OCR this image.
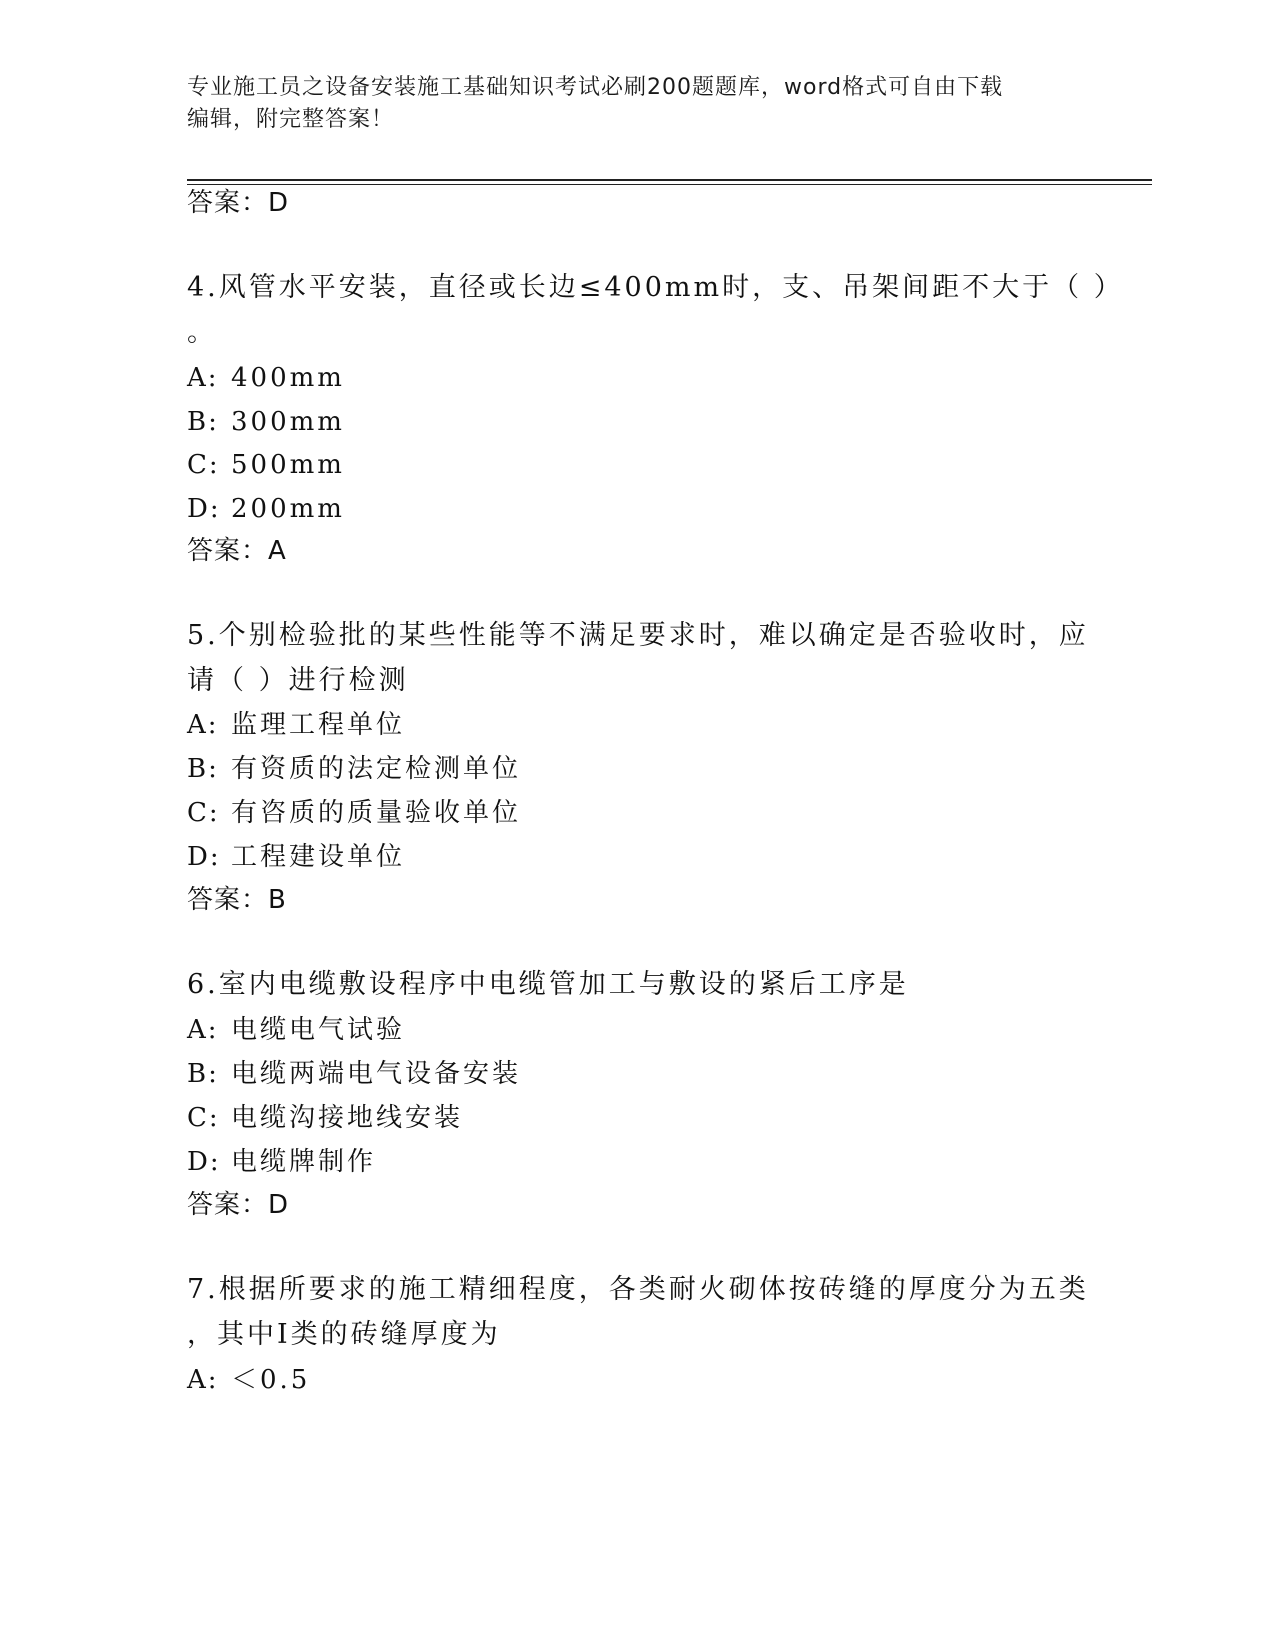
专业施工员之设备安装施工基础知识考试必刷200题题库，word格式可自由下载
编辑，附完整答案！
答案：D
4.风管水平安装，直径或长边≤400mm时，支、吊架间距不大于（ ）
。
A: 400mm
B: 300mm
C: 500mm
D: 200mm
答案：A
5.个别检验批的某些性能等不满足要求时，难以确定是否验收时，应
请（ ）进行检测
A: 监理工程单位
B: 有资质的法定检测单位
C: 有咨质的质量验收单位
D: 工程建设单位
答案：B
6.室内电缆敷设程序中电缆管加工与敷设的紧后工序是
A: 电缆电气试验
B: 电缆两端电气设备安装
C: 电缆沟接地线安装
D: 电缆牌制作
答案：D
7.根据所要求的施工精细程度，各类耐火砌体按砖缝的厚度分为五类
，其中Ⅰ类的砖缝厚度为
A: ＜0.5
